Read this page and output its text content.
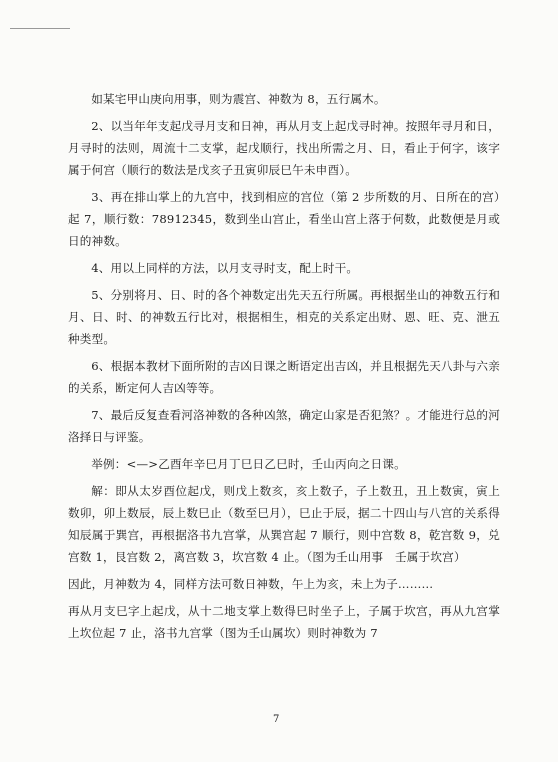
如某宅甲山庚向用事，则为震宫、神数为 8，五行属木。

2、以当年年支起戊寻月支和日神，再从月支上起戊寻时神。按照年寻月和日，月寻时的法则，周流十二支掌，起戊顺行，找出所需之月、日，看止于何字，该字属于何宫（顺行的数法是戊亥子丑寅卯辰巳午未申酉）。

3、再在排山掌上的九宫中，找到相应的宫位（第 2 步所数的月、日所在的宫）起 7，顺行数：78912345，数到坐山宫止，看坐山宫上落于何数，此数便是月或日的神数。

4、用以上同样的方法，以月支寻时支，配上时干。

5、分别将月、日、时的各个神数定出先天五行所属。再根据坐山的神数五行和月、日、时、的神数五行比对，根据相生，相克的关系定出财、恩、旺、克、泄五种类型。

6、根据本教材下面所附的吉凶日课之断语定出吉凶，并且根据先天八卦与六亲的关系，断定何人吉凶等等。

7、最后反复查看河洛神数的各种凶煞，确定山家是否犯煞？。才能进行总的河洛择日与评鉴。

举例：<—>乙酉年辛巳月丁巳日乙巳时，壬山丙向之日课。

解：即从太岁酉位起戊，则戊上数亥，亥上数子，子上数丑，丑上数寅，寅上数卯，卯上数辰，辰上数巳止（数至巳月），巳止于辰，据二十四山与八宫的关系得知辰属于巽宫，再根据洛书九宫掌，从巽宫起 7 顺行，则中宫数 8，乾宫数 9，兑宫数 1，艮宫数 2，离宫数 3，坎宫数 4 止。（图为壬山用事　壬属于坎宫）

因此，月神数为 4，同样方法可数日神数，午上为亥，未上为子………

再从月支巳字上起戊，从十二地支掌上数得巳时坐子上，子属于坎宫，再从九宫掌上坎位起 7 止，洛书九宫掌（图为壬山属坎）则时神数为 7

7
